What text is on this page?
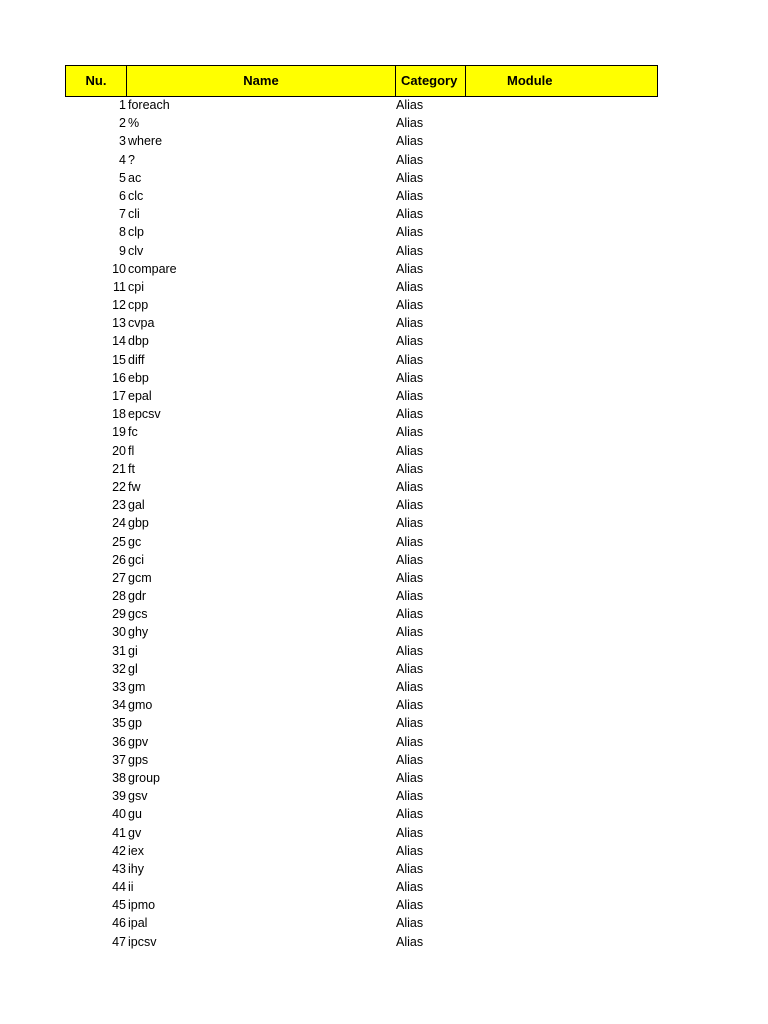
Nu.	Name	Category	Module
1 foreach	Alias
2 %	Alias
3 where	Alias
4 ?	Alias
5 ac	Alias
6 clc	Alias
7 cli	Alias
8 clp	Alias
9 clv	Alias
10 compare	Alias
11 cpi	Alias
12 cpp	Alias
13 cvpa	Alias
14 dbp	Alias
15 diff	Alias
16 ebp	Alias
17 epal	Alias
18 epcsv	Alias
19 fc	Alias
20 fl	Alias
21 ft	Alias
22 fw	Alias
23 gal	Alias
24 gbp	Alias
25 gc	Alias
26 gci	Alias
27 gcm	Alias
28 gdr	Alias
29 gcs	Alias
30 ghy	Alias
31 gi	Alias
32 gl	Alias
33 gm	Alias
34 gmo	Alias
35 gp	Alias
36 gpv	Alias
37 gps	Alias
38 group	Alias
39 gsv	Alias
40 gu	Alias
41 gv	Alias
42 iex	Alias
43 ihy	Alias
44 ii	Alias
45 ipmo	Alias
46 ipal	Alias
47 ipcsv	Alias
